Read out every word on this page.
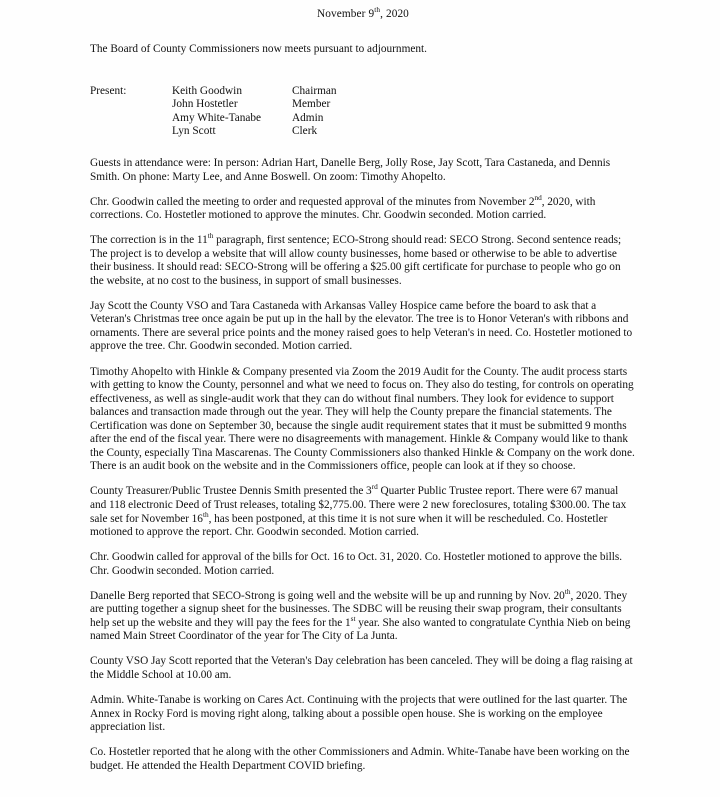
November 9th, 2020
The Board of County Commissioners now meets pursuant to adjournment.
Present:	Keith Goodwin	Chairman
John Hostetler	Member
Amy White-Tanabe	Admin
Lyn Scott	Clerk

Guests in attendance were: In person: Adrian Hart, Danelle Berg, Jolly Rose, Jay Scott, Tara Castaneda, and Dennis Smith. On phone: Marty Lee, and Anne Boswell. On zoom: Timothy Ahopelto.

Chr. Goodwin called the meeting to order and requested approval of the minutes from November 2nd, 2020, with corrections. Co. Hostetler motioned to approve the minutes. Chr. Goodwin seconded. Motion carried.

The correction is in the 11th paragraph, first sentence; ECO-Strong should read: SECO Strong. Second sentence reads; The project is to develop a website that will allow county businesses, home based or otherwise to be able to advertise their business. It should read: SECO-Strong will be offering a $25.00 gift certificate for purchase to people who go on the website, at no cost to the business, in support of small businesses.

Jay Scott the County VSO and Tara Castaneda with Arkansas Valley Hospice came before the board to ask that a Veteran's Christmas tree once again be put up in the hall by the elevator. The tree is to Honor Veteran's with ribbons and ornaments. There are several price points and the money raised goes to help Veteran's in need. Co. Hostetler motioned to approve the tree. Chr. Goodwin seconded. Motion carried.

Timothy Ahopelto with Hinkle & Company presented via Zoom the 2019 Audit for the County. The audit process starts with getting to know the County, personnel and what we need to focus on. They also do testing, for controls on operating effectiveness, as well as single-audit work that they can do without final numbers. They look for evidence to support balances and transaction made through out the year. They will help the County prepare the financial statements. The Certification was done on September 30, because the single audit requirement states that it must be submitted 9 months after the end of the fiscal year. There were no disagreements with management. Hinkle & Company would like to thank the County, especially Tina Mascarenas. The County Commissioners also thanked Hinkle & Company on the work done. There is an audit book on the website and in the Commissioners office, people can look at if they so choose.

County Treasurer/Public Trustee Dennis Smith presented the 3rd Quarter Public Trustee report. There were 67 manual and 118 electronic Deed of Trust releases, totaling $2,775.00. There were 2 new foreclosures, totaling $300.00. The tax sale set for November 16th, has been postponed, at this time it is not sure when it will be rescheduled. Co. Hostetler motioned to approve the report. Chr. Goodwin seconded. Motion carried.

Chr. Goodwin called for approval of the bills for Oct. 16 to Oct. 31, 2020. Co. Hostetler motioned to approve the bills. Chr. Goodwin seconded. Motion carried.

Danelle Berg reported that SECO-Strong is going well and the website will be up and running by Nov. 20th, 2020. They are putting together a signup sheet for the businesses. The SDBC will be reusing their swap program, their consultants help set up the website and they will pay the fees for the 1st year. She also wanted to congratulate Cynthia Nieb on being named Main Street Coordinator of the year for The City of La Junta.

County VSO Jay Scott reported that the Veteran's Day celebration has been canceled. They will be doing a flag raising at the Middle School at 10.00 am.

Admin. White-Tanabe is working on Cares Act. Continuing with the projects that were outlined for the last quarter. The Annex in Rocky Ford is moving right along, talking about a possible open house. She is working on the employee appreciation list.

Co. Hostetler reported that he along with the other Commissioners and Admin. White-Tanabe have been working on the budget. He attended the Health Department COVID briefing.
